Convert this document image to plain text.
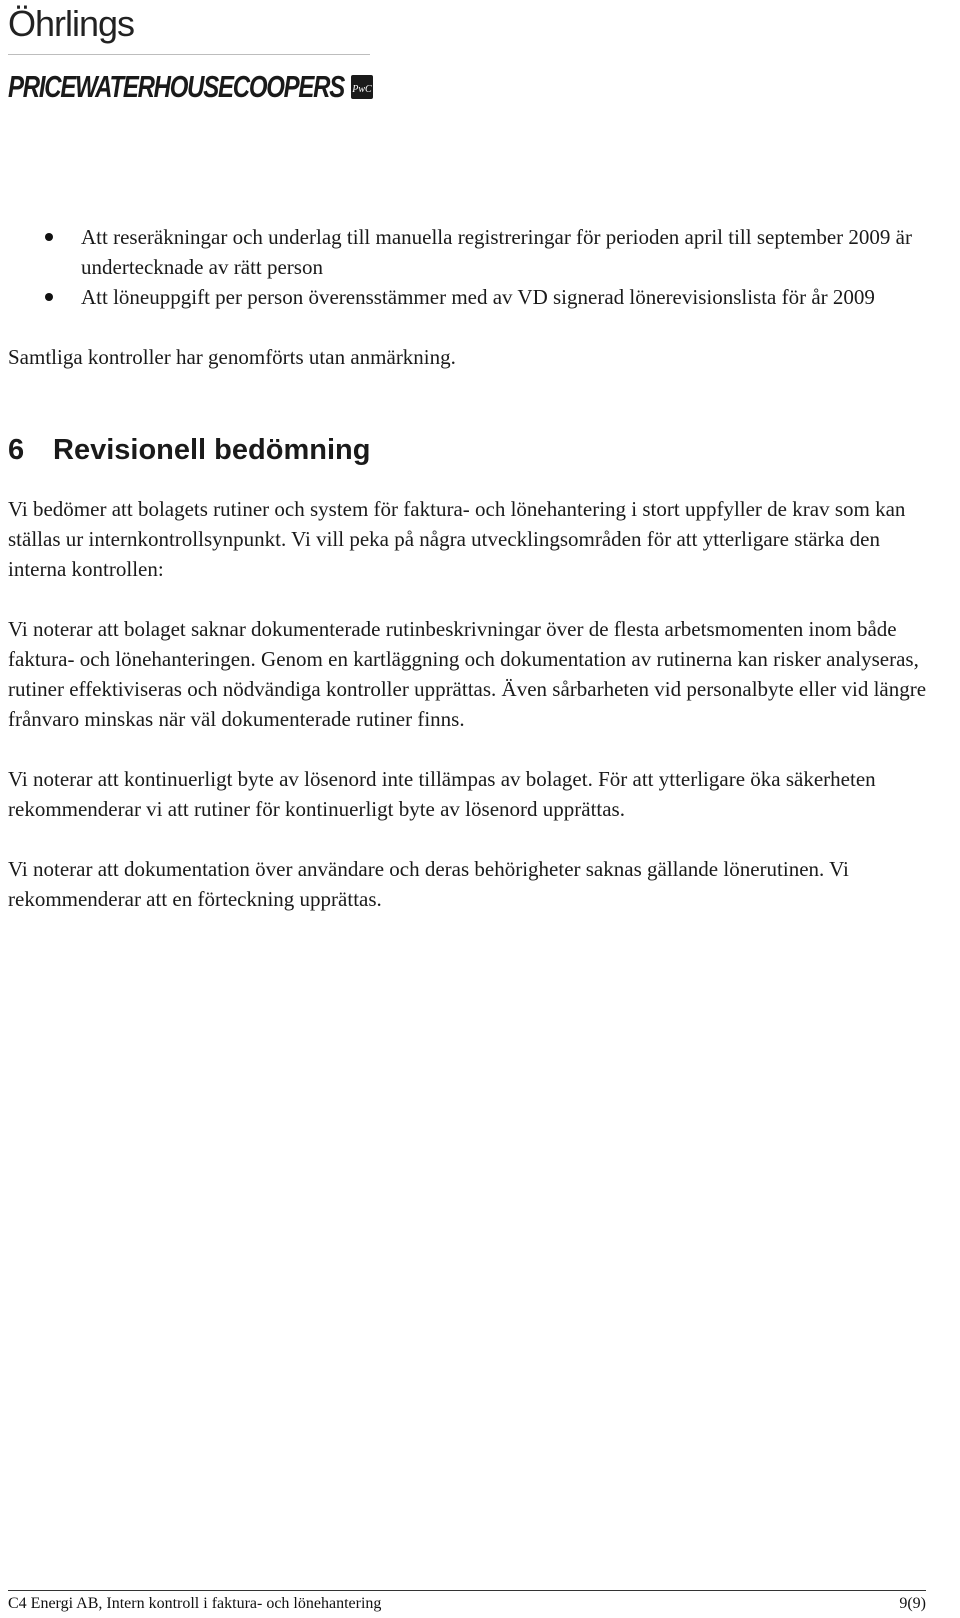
Öhrlings
PRICEWATERHOUSECOOPERS PwC
Att reseräkningar och underlag till manuella registreringar för perioden april till september 2009 är undertecknade av rätt person
Att löneuppgift per person överensstämmer med av VD signerad lönerevisionslista för år 2009

Samtliga kontroller har genomförts utan anmärkning.

6 Revisionell bedömning

Vi bedömer att bolagets rutiner och system för faktura- och lönehantering i stort uppfyller de krav som kan ställas ur internkontrollsynpunkt. Vi vill peka på några utvecklingsområden för att ytterligare stärka den interna kontrollen:

Vi noterar att bolaget saknar dokumenterade rutinbeskrivningar över de flesta arbetsmomenten inom både faktura- och lönehanteringen. Genom en kartläggning och dokumentation av rutinerna kan risker analyseras, rutiner effektiviseras och nödvändiga kontroller upprättas. Även sårbarheten vid personalbyte eller vid längre frånvaro minskas när väl dokumenterade rutiner finns.

Vi noterar att kontinuerligt byte av lösenord inte tillämpas av bolaget. För att ytterligare öka säkerheten rekommenderar vi att rutiner för kontinuerligt byte av lösenord upprättas.

Vi noterar att dokumentation över användare och deras behörigheter saknas gällande lönerutinen. Vi rekommenderar att en förteckning upprättas.

C4 Energi AB, Intern kontroll i faktura- och lönehantering	9(9)
